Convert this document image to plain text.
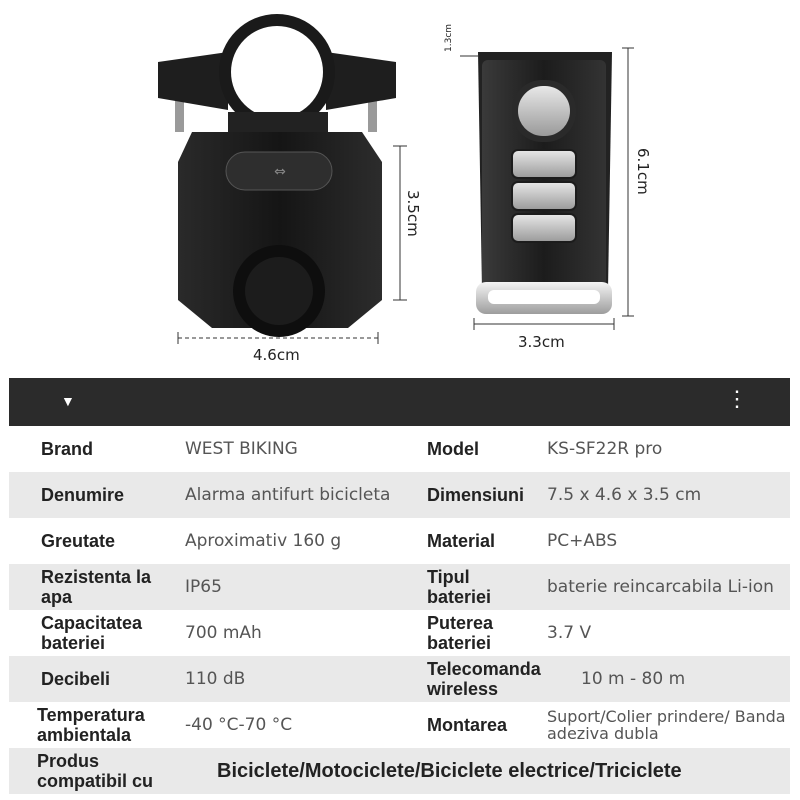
⇔
4.6cm
3.5cm
3.3cm
6.1cm
1.3cm
▼	⋮
Brand	WEST BIKING	Model	KS-SF22R pro
Denumire	Alarma antifurt bicicleta	Dimensiuni	7.5 x 4.6 x 3.5 cm
Greutate	Aproximativ 160 g	Material	PC+ABS
Rezistenta la apa	IP65	Tipul bateriei	baterie reincarcabila Li-ion
Capacitatea bateriei	700 mAh	Puterea bateriei	3.7 V
Decibeli	110 dB	Telecomanda wireless	10 m - 80 m
Temperatura ambientala	-40 °C-70 °C	Montarea	Suport/Colier prindere/ Banda adeziva dubla
Produs compatibil cu	Biciclete/Motociclete/Biciclete electrice/Triciclete
